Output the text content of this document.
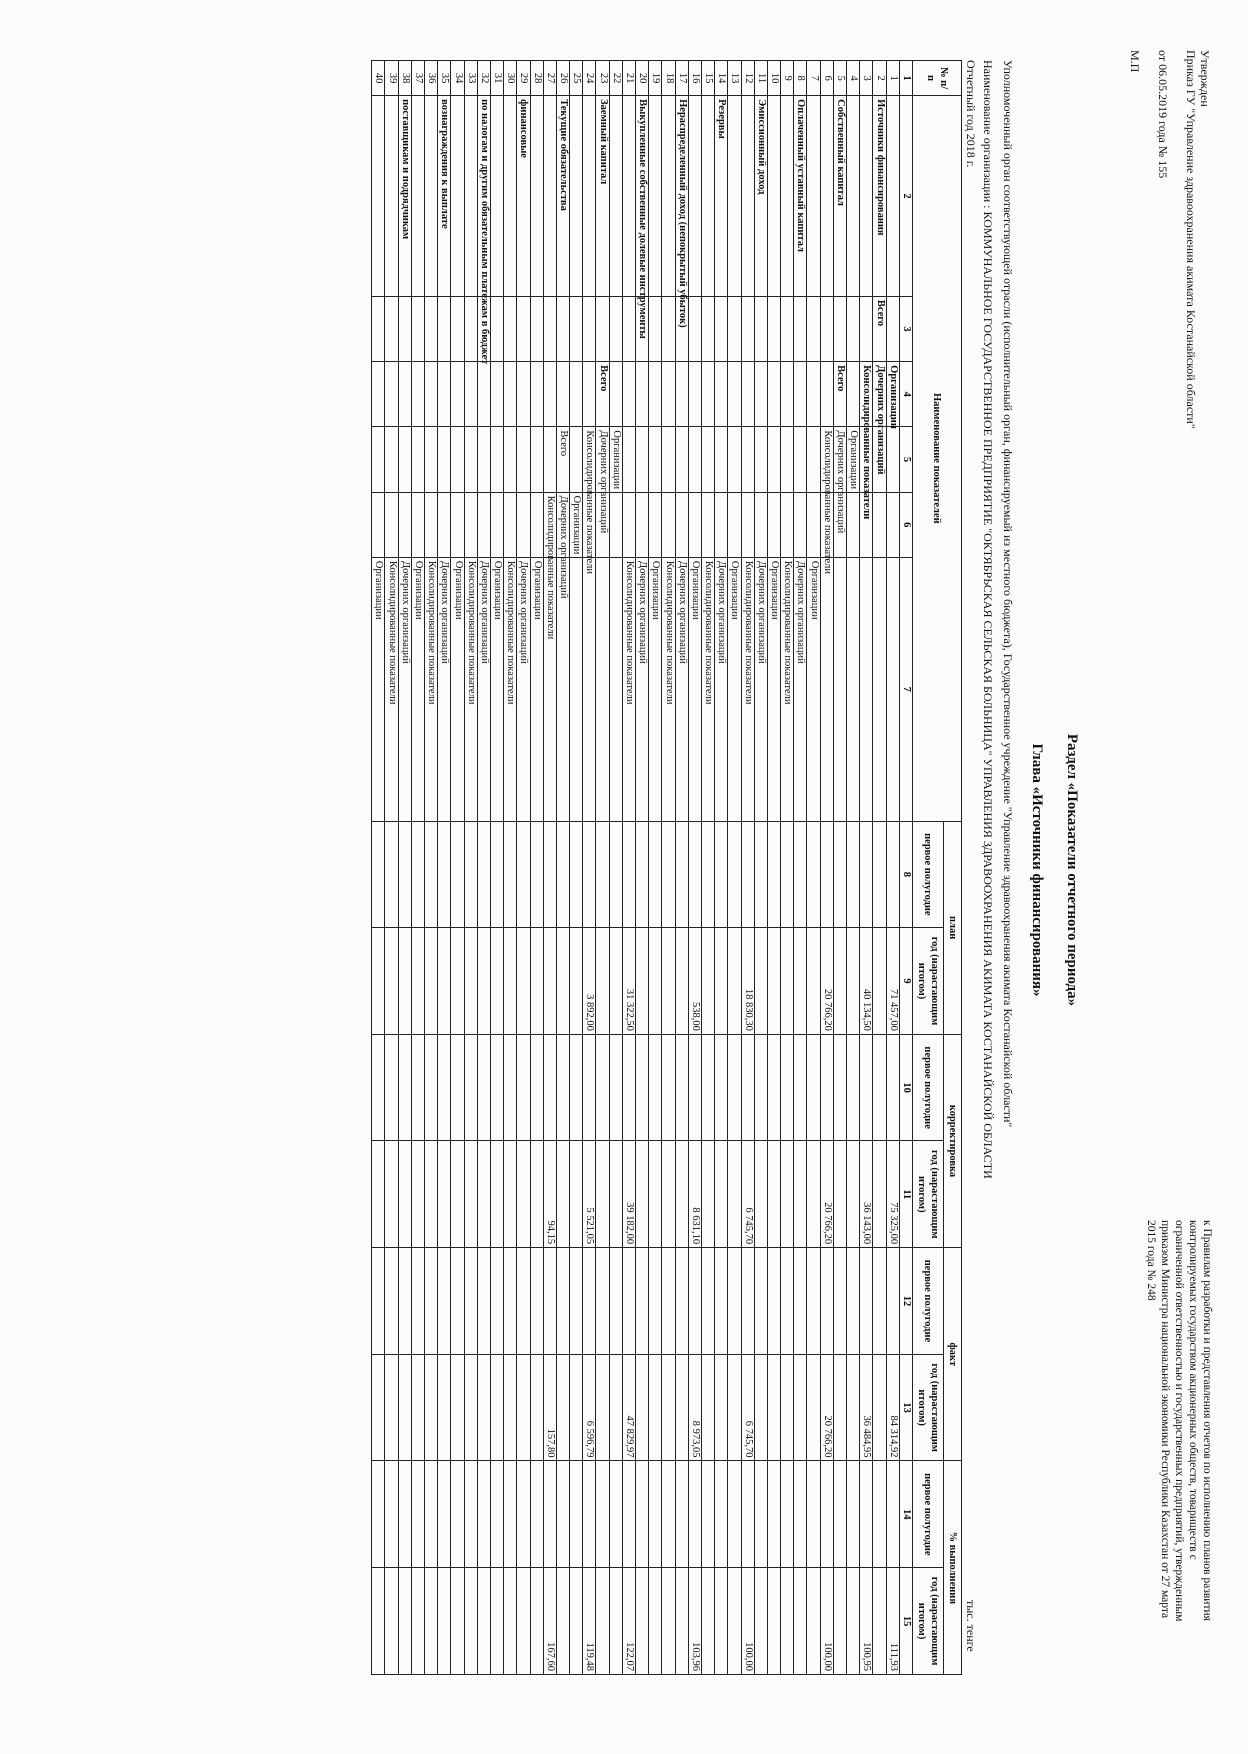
Утвержден
Приказ ГУ "Управление здравоохранения акимата Костанайской области"
от 06.05.2019 года № 155
М.П
к Правилам разработки и представления отчетов по исполнению планов развития
контролируемых государством акционерных обществ, товариществ с
ограниченной ответственностью и государственных предприятий, утвержденным
приказом Министра национальной экономики Республики Казахстан от 27 марта
2015 года № 248
Раздел «Показатели отчетного периода»
Глава «Источники финансирования»
Уполномоченный орган соответствующей отрасли (исполнительный орган, финансируемый из местного бюджета), Государственное учреждение "Управление здравоохранения акимата Костанайской области"
Наименование организации : КОММУНАЛЬНОЕ ГОСУДАРСТВЕННОЕ ПРЕДПРИЯТИЕ "ОКТЯБРЬСКАЯ СЕЛЬСКАЯ БОЛЬНИЦА" УПРАВЛЕНИЯ ЗДРАВООХРАНЕНИЯ АКИМАТА КОСТАНАЙСКОЙ ОБЛАСТИ
Отчетный год 2018 г.
тыс. тенге
№ п/п	Наименование показателей						план		корректировка		факт		% выполнения	
							первое полугодие	год (нарастающим итогом)	первое полугодие	год (нарастающим итогом)	первое полугодие	год (нарастающим итогом)	первое полугодие	год (нарастающим итогом)
1	2	3	4	5	6	7	8	9	10	11	12	13	14	15
1			Организации					71 457,00		75 325,00		84 314,92		111,93
2	Источники финансирования	Всего	Дочерних организаций											
3			Консолидированные показатели					40 134,50		36 143,00		36 484,95		100,95
4				Организации										
5	Собственный капитал		Всего	Дочерних организаций										
6				Консолидированные показатели				20 766,20		20 766,20		20 766,20		100,00
7						Организации								
8	Оплаченный уставный капитал					Дочерних организаций								
9						Консолидированные показатели								
10						Организации								
11	Эмиссионный доход					Дочерних организаций								
12						Консолидированные показатели		18 830,30		6 745,70		6 745,70		100,00
13						Организации								
14	Резервы					Дочерних организаций								
15						Консолидированные показатели								
16						Организации		538,00		8 631,10		8 973,05		103,96
17	Нераспределенный доход (непокрытый убыток)					Дочерних организаций								
18						Консолидированные показатели								
19						Организации								
20	Выкупленные собственные долевые инструменты					Дочерних организаций								
21						Консолидированные показатели		31 322,50		39 182,00		47 829,97		122,07
22				Организации										
23	Заемный капитал		Всего	Дочерних организаций										
24				Консолидированные показатели				3 892,00		5 521,05		6 596,79		119,48
25					Организации									
26	Текущие обязательства			Всего	Дочерних организаций									
27					Консолидированные показатели					94,15		157,80		167,60
28						Организации								
29	финансовые					Дочерних организаций								
30						Консолидированные показатели								
31						Организации								
32	по налогам и другим обязательным платежам в бюджет					Дочерних организаций								
33						Консолидированные показатели								
34						Организации								
35	вознаграждения к выплате					Дочерних организаций								
36						Консолидированные показатели								
37						Организации								
38	поставщикам и подрядчикам					Дочерних организаций								
39						Консолидированные показатели								
40						Организации								
